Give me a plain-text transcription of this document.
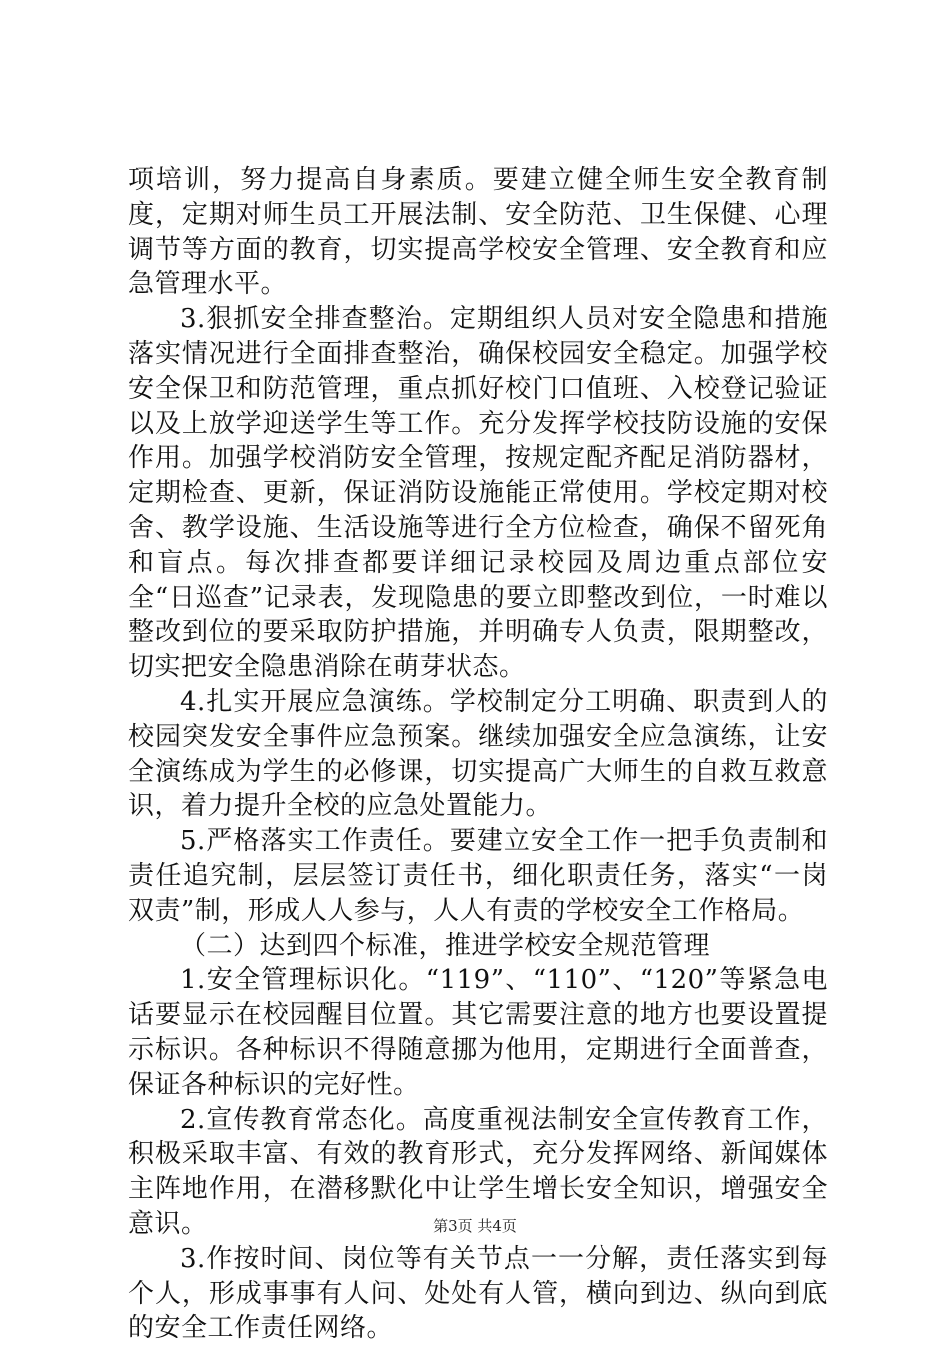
项培训，努力提高自身素质。要建立健全师生安全教育制度，定期对师生员工开展法制、安全防范、卫生保健、心理调节等方面的教育，切实提高学校安全管理、安全教育和应急管理水平。

3.狠抓安全排查整治。定期组织人员对安全隐患和措施落实情况进行全面排查整治，确保校园安全稳定。加强学校安全保卫和防范管理，重点抓好校门口值班、入校登记验证以及上放学迎送学生等工作。充分发挥学校技防设施的安保作用。加强学校消防安全管理，按规定配齐配足消防器材，定期检查、更新，保证消防设施能正常使用。学校定期对校舍、教学设施、生活设施等进行全方位检查，确保不留死角和盲点。每次排查都要详细记录校园及周边重点部位安全“日巡查”记录表，发现隐患的要立即整改到位，一时难以整改到位的要采取防护措施，并明确专人负责，限期整改，切实把安全隐患消除在萌芽状态。

4.扎实开展应急演练。学校制定分工明确、职责到人的校园突发安全事件应急预案。继续加强安全应急演练，让安全演练成为学生的必修课，切实提高广大师生的自救互救意识，着力提升全校的应急处置能力。

5.严格落实工作责任。要建立安全工作一把手负责制和责任追究制，层层签订责任书，细化职责任务，落实“一岗双责”制，形成人人参与，人人有责的学校安全工作格局。

（二）达到四个标准，推进学校安全规范管理

1.安全管理标识化。“119”、“110”、“120”等紧急电话要显示在校园醒目位置。其它需要注意的地方也要设置提示标识。各种标识不得随意挪为他用，定期进行全面普查，保证各种标识的完好性。

2.宣传教育常态化。高度重视法制安全宣传教育工作，积极采取丰富、有效的教育形式，充分发挥网络、新闻媒体主阵地作用，在潜移默化中让学生增长安全知识，增强安全意识。

3.作按时间、岗位等有关节点一一分解，责任落实到每个人，形成事事有人问、处处有人管，横向到边、纵向到底的安全工作责任网络。

第3页 共4页
